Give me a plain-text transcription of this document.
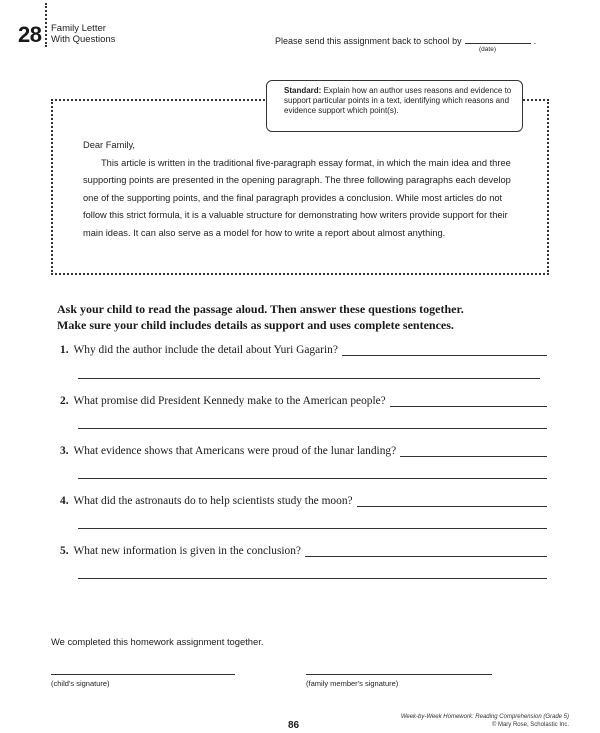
28 Family Letter
With Questions	Please send this assignment back to school by	.
(date)
Standard: Explain how an author uses reasons and evidence to support particular points in a text, identifying which reasons and evidence support which point(s).
Dear Family,
This article is written in the traditional five-paragraph essay format, in which the main idea and three supporting points are presented in the opening paragraph. The three following paragraphs each develop one of the supporting points, and the final paragraph provides a conclusion. While most articles do not follow this strict formula, it is a valuable structure for demonstrating how writers provide support for their main ideas. It can also serve as a model for how to write a report about almost anything.
Ask your child to read the passage aloud. Then answer these questions together.
Make sure your child includes details as support and uses complete sentences.
1. Why did the author include the detail about Yuri Gagarin?
2. What promise did President Kennedy make to the American people?
3. What evidence shows that Americans were proud of the lunar landing?
4. What did the astronauts do to help scientists study the moon?
5. What new information is given in the conclusion?
We completed this homework assignment together.
(child's signature)	(family member's signature)
86
Week-by-Week Homework: Reading Comprehension (Grade 5)
© Mary Rose, Scholastic Inc.
